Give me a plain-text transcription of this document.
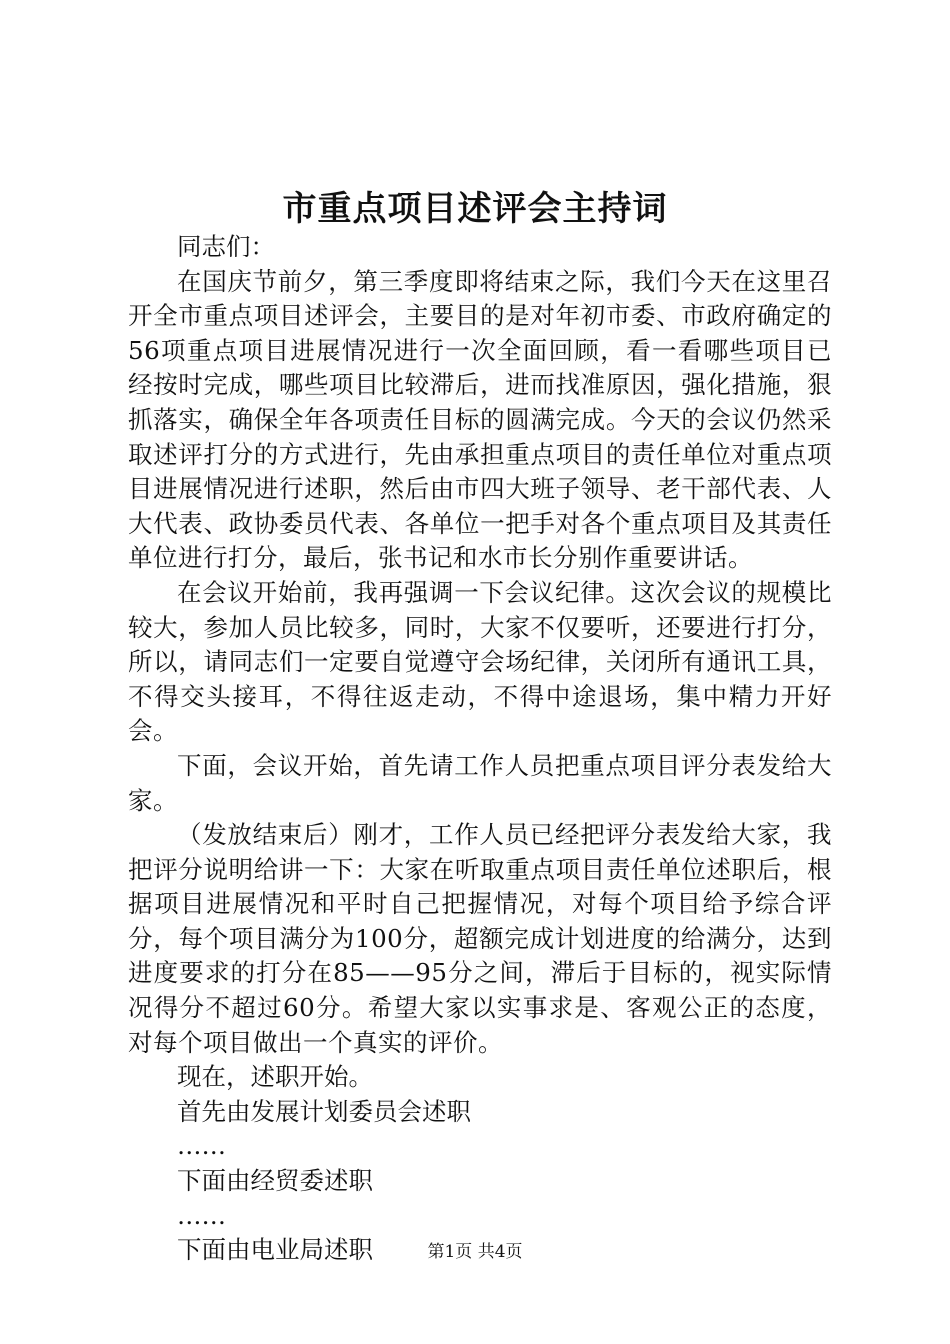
市重点项目述评会主持词

同志们：

在国庆节前夕，第三季度即将结束之际，我们今天在这里召开全市重点项目述评会，主要目的是对年初市委、市政府确定的56项重点项目进展情况进行一次全面回顾，看一看哪些项目已经按时完成，哪些项目比较滞后，进而找准原因，强化措施，狠抓落实，确保全年各项责任目标的圆满完成。今天的会议仍然采取述评打分的方式进行，先由承担重点项目的责任单位对重点项目进展情况进行述职，然后由市四大班子领导、老干部代表、人大代表、政协委员代表、各单位一把手对各个重点项目及其责任单位进行打分，最后，张书记和水市长分别作重要讲话。

在会议开始前，我再强调一下会议纪律。这次会议的规模比较大，参加人员比较多，同时，大家不仅要听，还要进行打分，所以，请同志们一定要自觉遵守会场纪律，关闭所有通讯工具，不得交头接耳，不得往返走动，不得中途退场，集中精力开好会。

下面，会议开始，首先请工作人员把重点项目评分表发给大家。

（发放结束后）刚才，工作人员已经把评分表发给大家，我把评分说明给讲一下：大家在听取重点项目责任单位述职后，根据项目进展情况和平时自己把握情况，对每个项目给予综合评分，每个项目满分为100分，超额完成计划进度的给满分，达到进度要求的打分在85——95分之间，滞后于目标的，视实际情况得分不超过60分。希望大家以实事求是、客观公正的态度，对每个项目做出一个真实的评价。

现在，述职开始。

首先由发展计划委员会述职

……

下面由经贸委述职

……

下面由电业局述职	第1页 共4页
